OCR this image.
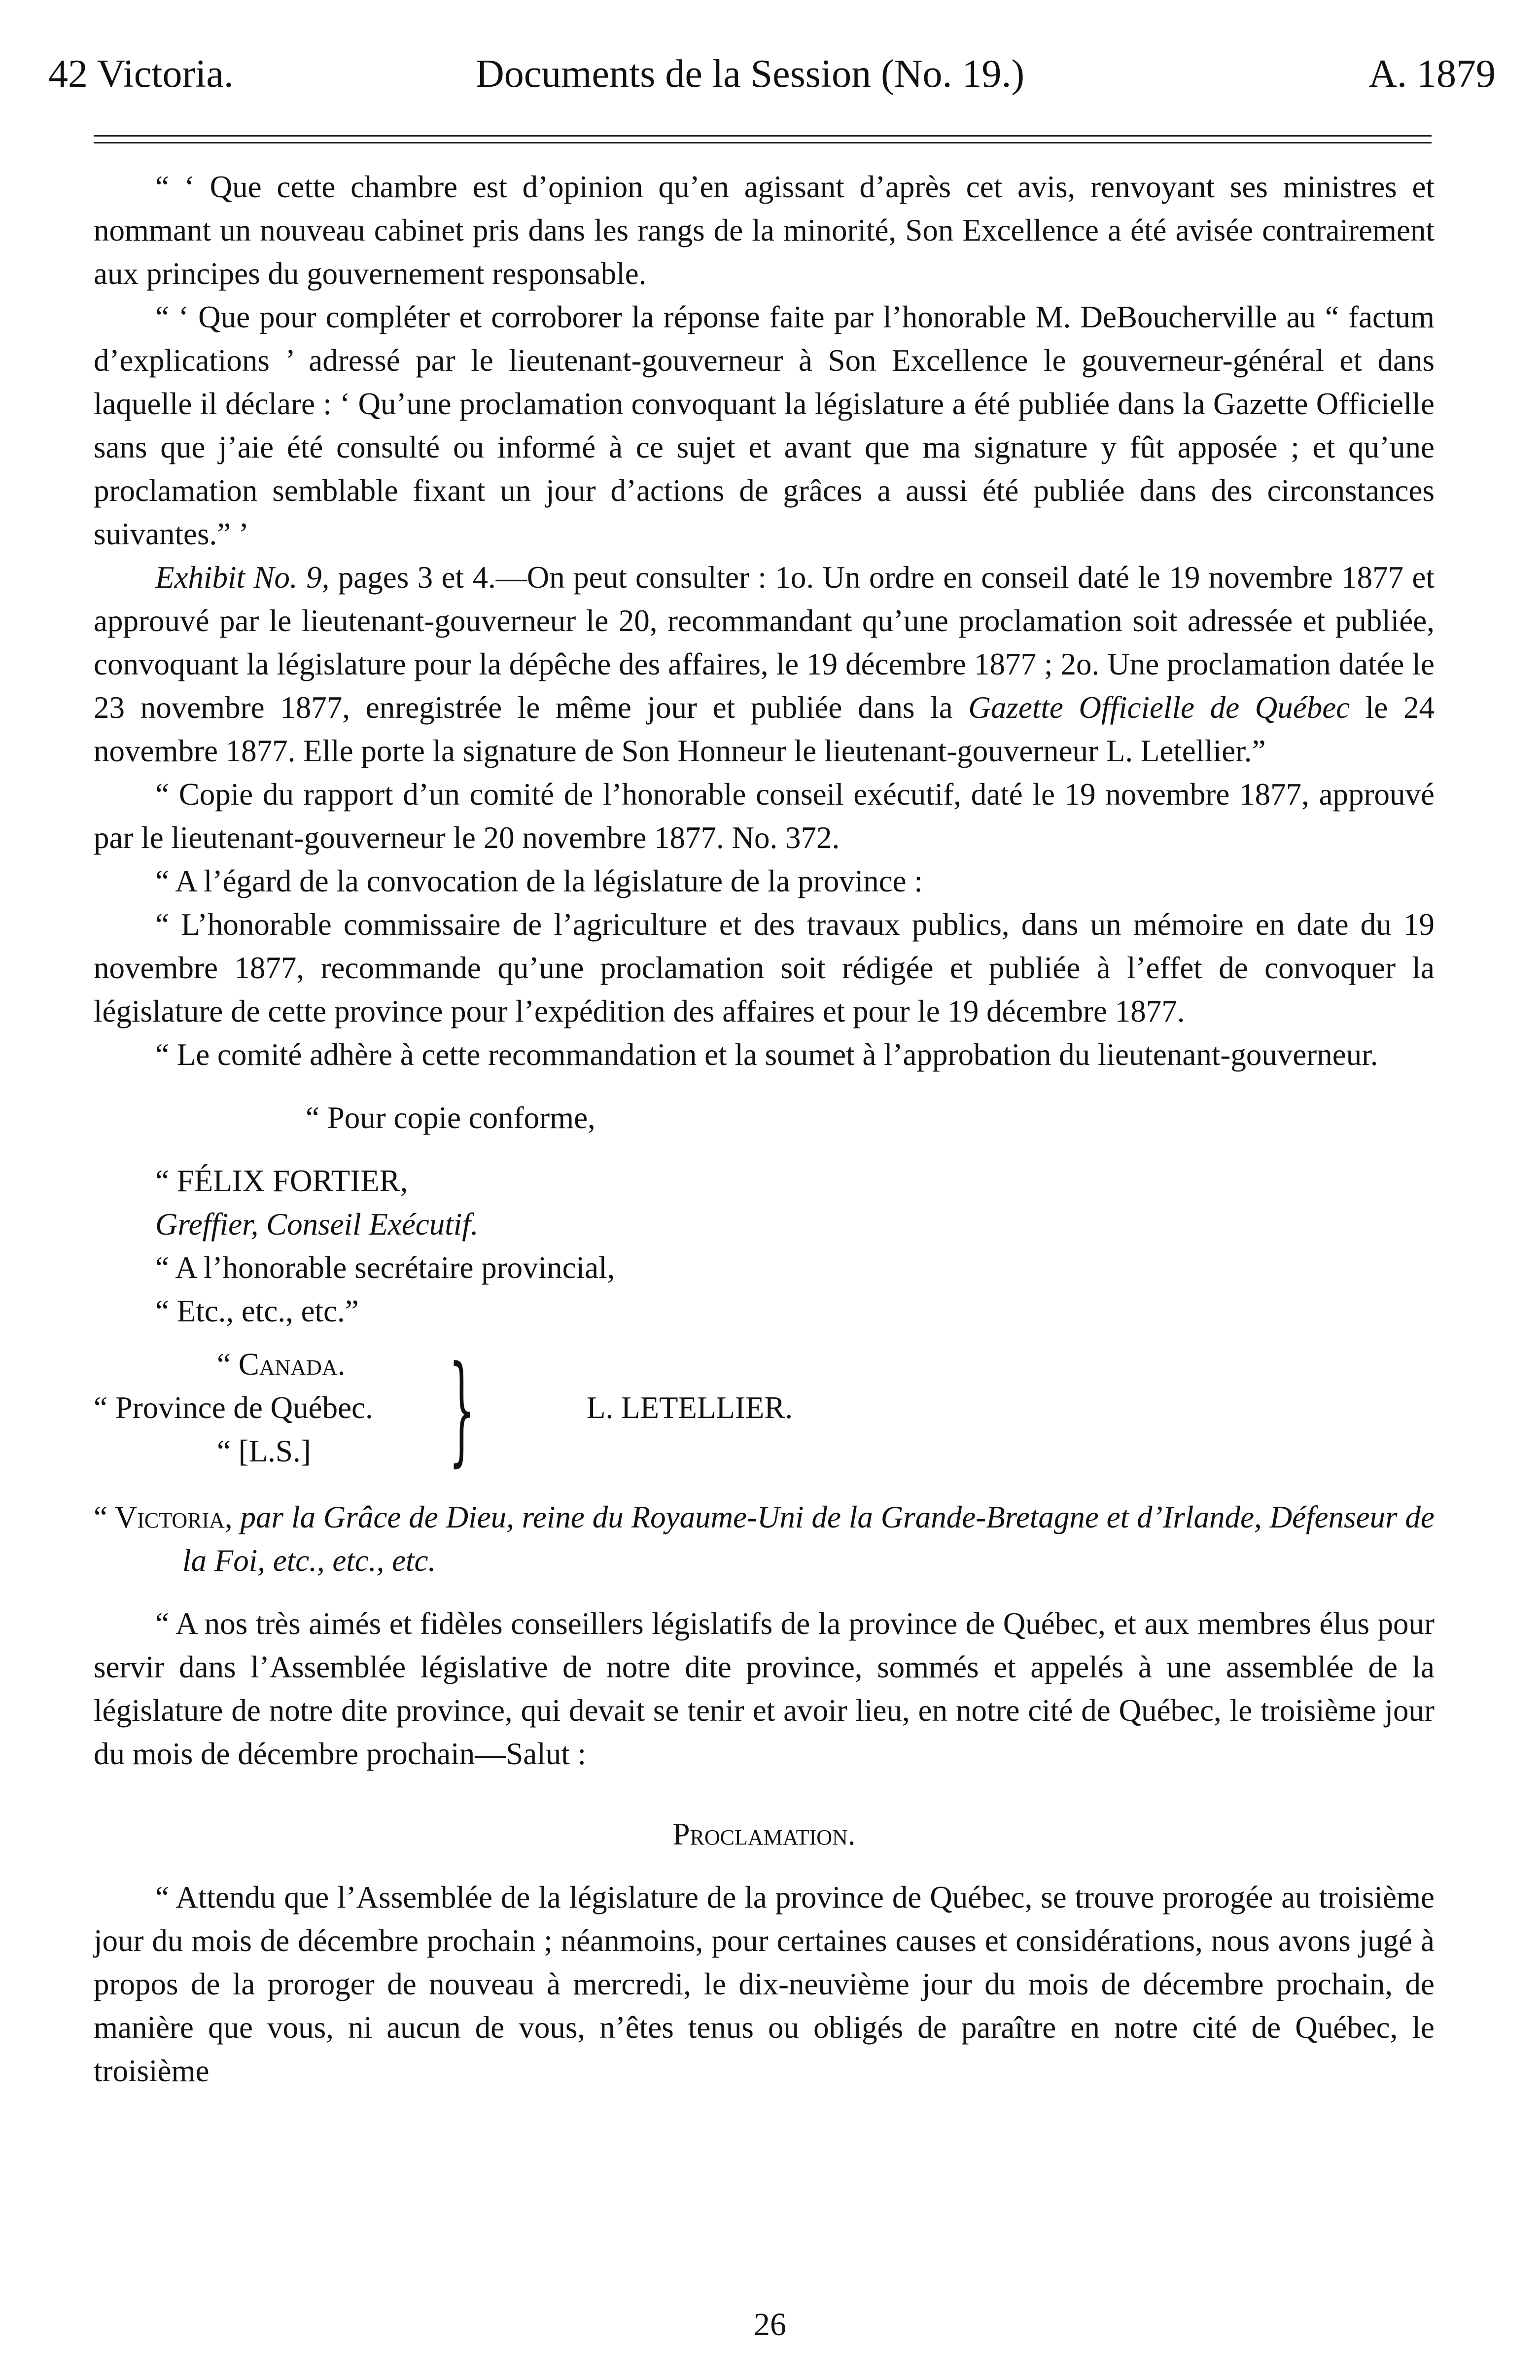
42 Victoria.	Documents de la Session (No. 19.)	A. 1879

“ ‘ Que cette chambre est d’opinion qu’en agissant d’après cet avis, renvoyant ses ministres et nommant un nouveau cabinet pris dans les rangs de la minorité, Son Excellence a été avisée contrairement aux principes du gouvernement responsable.

“ ‘ Que pour compléter et corroborer la réponse faite par l’honorable M. DeBoucherville au “ factum d’explications ’ adressé par le lieutenant-gouverneur à Son Excellence le gouverneur-général et dans laquelle il déclare : ‘ Qu’une proclamation convoquant la législature a été publiée dans la Gazette Officielle sans que j’aie été consulté ou informé à ce sujet et avant que ma signature y fût apposée ; et qu’une proclamation semblable fixant un jour d’actions de grâces a aussi été publiée dans des circonstances suivantes.” ’

Exhibit No. 9, pages 3 et 4.—On peut consulter : 1o. Un ordre en conseil daté le 19 novembre 1877 et approuvé par le lieutenant-gouverneur le 20, recommandant qu’une proclamation soit adressée et publiée, convoquant la législature pour la dépêche des affaires, le 19 décembre 1877 ; 2o. Une proclamation datée le 23 novembre 1877, enregistrée le même jour et publiée dans la Gazette Officielle de Québec le 24 novembre 1877. Elle porte la signature de Son Honneur le lieutenant-gouverneur L. Letellier.”

“ Copie du rapport d’un comité de l’honorable conseil exécutif, daté le 19 novembre 1877, approuvé par le lieutenant-gouverneur le 20 novembre 1877. No. 372.

“ A l’égard de la convocation de la législature de la province :

“ L’honorable commissaire de l’agriculture et des travaux publics, dans un mémoire en date du 19 novembre 1877, recommande qu’une proclamation soit rédigée et publiée à l’effet de convoquer la législature de cette province pour l’expédition des affaires et pour le 19 décembre 1877.

“ Le comité adhère à cette recommandation et la soumet à l’approbation du lieutenant-gouverneur.

“ Pour copie conforme,

“ FÉLIX FORTIER,

Greffier, Conseil Exécutif.

“ A l’honorable secrétaire provincial,

“ Etc., etc., etc.”

“ Canada.
“ Province de Québec.
“ [L.S.]	}	L. LETELLIER.

“ Victoria, par la Grâce de Dieu, reine du Royaume-Uni de la Grande-Bretagne et d’Irlande, Défenseur de la Foi, etc., etc., etc.

“ A nos très aimés et fidèles conseillers législatifs de la province de Québec, et aux membres élus pour servir dans l’Assemblée législative de notre dite province, sommés et appelés à une assemblée de la législature de notre dite province, qui devait se tenir et avoir lieu, en notre cité de Québec, le troisième jour du mois de décembre prochain—Salut :

Proclamation.

“ Attendu que l’Assemblée de la législature de la province de Québec, se trouve prorogée au troisième jour du mois de décembre prochain ; néanmoins, pour certaines causes et considérations, nous avons jugé à propos de la proroger de nouveau à mercredi, le dix-neuvième jour du mois de décembre prochain, de manière que vous, ni aucun de vous, n’êtes tenus ou obligés de paraître en notre cité de Québec, le troisième

26
